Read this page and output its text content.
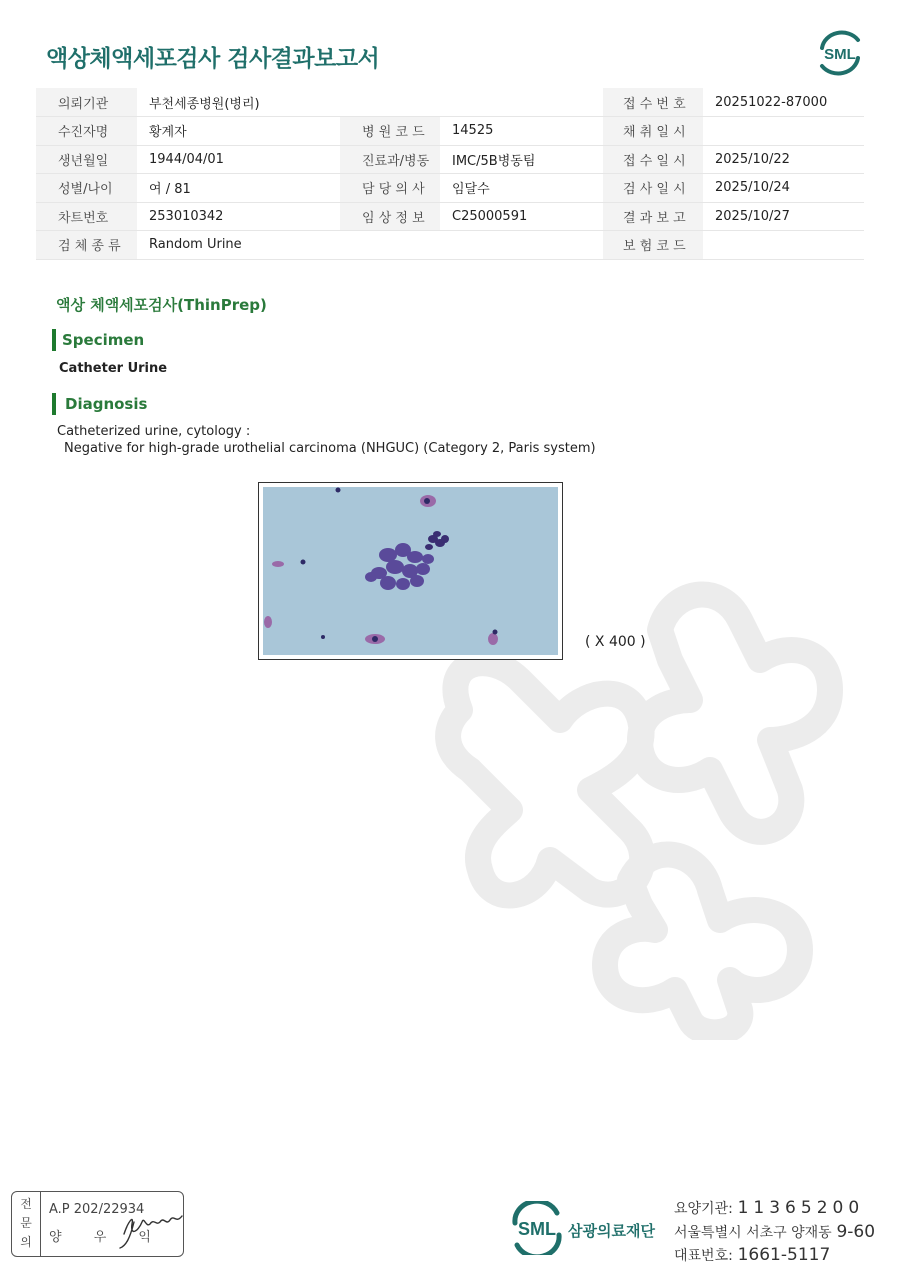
액상체액세포검사 검사결과보고서	SML
의뢰기관	부천세종병원(병리)			접 수 번 호	20251022-87000
수진자명	황계자	병 원 코 드	14525	채 취 일 시	
생년월일	1944/04/01	진료과/병동	IMC/5B병동팀	접 수 일 시	2025/10/22
성별/나이	여 / 81	담 당 의 사	임달수	검 사 일 시	2025/10/24
차트번호	253010342	임 상 정 보	C25000591	결 과 보 고	2025/10/27
검 체 종 류	Random Urine			보 험 코 드	
액상 체액세포검사(ThinPrep)
Specimen
Catheter Urine
Diagnosis
Catheterized urine, cytology :
Negative for high-grade urothelial carcinoma (NHGUC) (Category 2, Paris system)
( X 400 )
전
문
의
A.P 202/22934
양 우 익	SML 삼광의료재단
요양기관: 11365200
서울특별시 서초구 양재동 9-60
대표번호: 1661-5117
